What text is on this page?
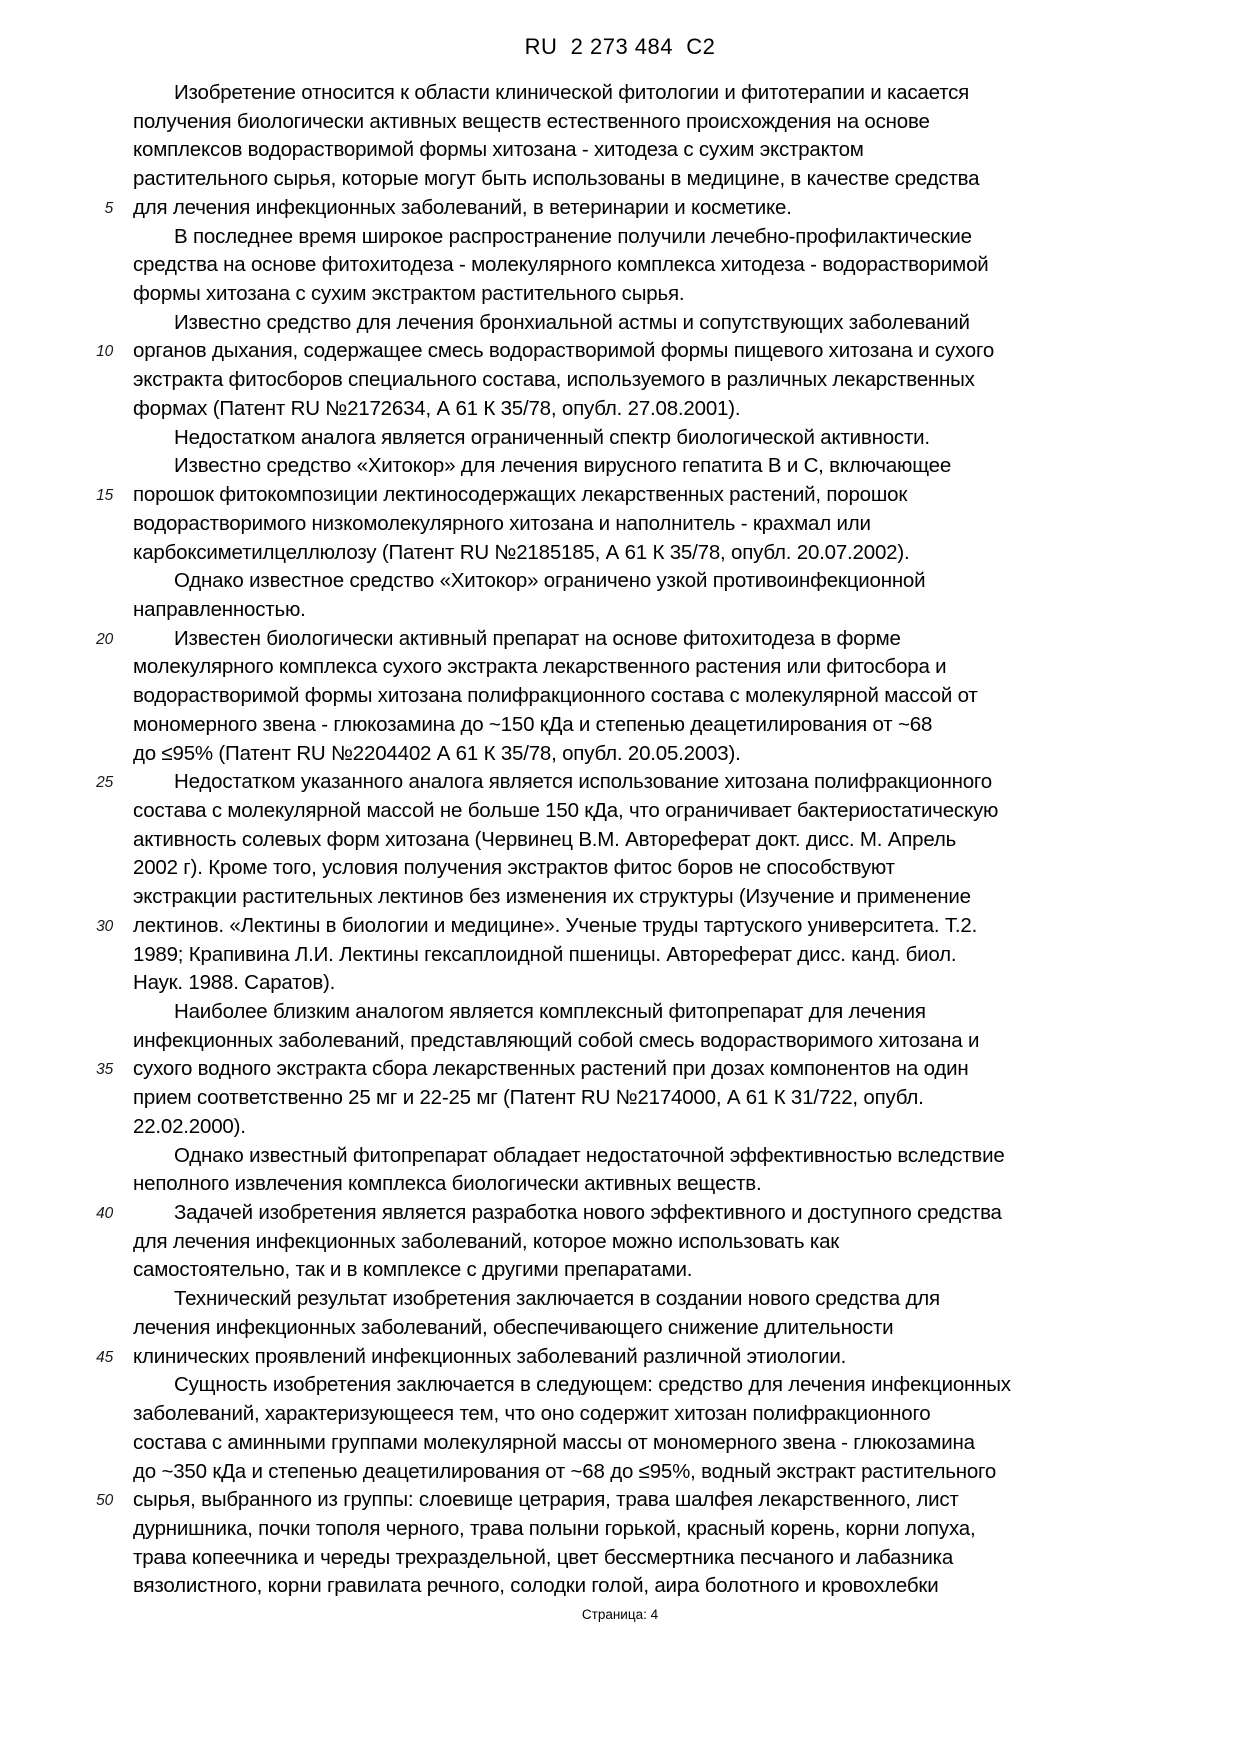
RU  2 273 484  C2
Изобретение относится к области клинической фитологии и фитотерапии и касается
получения биологически активных веществ естественного происхождения на основе
комплексов водорастворимой формы хитозана - хитодеза с сухим экстрактом
растительного сырья, которые могут быть использованы в медицине, в качестве средства
5 для лечения инфекционных заболеваний, в ветеринарии и косметике.
В последнее время широкое распространение получили лечебно-профилактические
средства на основе фитохитодеза - молекулярного комплекса хитодеза - водорастворимой
формы хитозана с сухим экстрактом растительного сырья.
Известно средство для лечения бронхиальной астмы и сопутствующих заболеваний
10 органов дыхания, содержащее смесь водорастворимой формы пищевого хитозана и сухого
экстракта фитосборов специального состава, используемого в различных лекарственных
формах (Патент RU №2172634, А 61 К 35/78, опубл. 27.08.2001).
Недостатком аналога является ограниченный спектр биологической активности.
Известно средство «Хитокор» для лечения вирусного гепатита В и С, включающее
15 порошок фитокомпозиции лектиносодержащих лекарственных растений, порошок
водорастворимого низкомолекулярного хитозана и наполнитель - крахмал или
карбоксиметилцеллюлозу (Патент RU №2185185, А 61 К 35/78, опубл. 20.07.2002).
Однако известное средство «Хитокор» ограничено узкой противоинфекционной
направленностью.
20	Известен биологически активный препарат на основе фитохитодеза в форме
молекулярного комплекса сухого экстракта лекарственного растения или фитосбора и
водорастворимой формы хитозана полифракционного состава с молекулярной массой от
мономерного звена - глюкозамина до ~150 кДа и степенью деацетилирования от ~68
до ≤95% (Патент RU №2204402 А 61 К 35/78, опубл. 20.05.2003).
25	Недостатком указанного аналога является использование хитозана полифракционного
состава с молекулярной массой не больше 150 кДа, что ограничивает бактериостатическую
активность солевых форм хитозана (Червинец В.М. Автореферат докт. дисс. М. Апрель
2002 г). Кроме того, условия получения экстрактов фитос боров не способствуют
экстракции растительных лектинов без изменения их структуры (Изучение и применение
30 лектинов. «Лектины в биологии и медицине». Ученые труды тартуского университета. Т.2.
1989; Крапивина Л.И. Лектины гексаплоидной пшеницы. Автореферат дисс. канд. биол.
Наук. 1988. Саратов).
Наиболее близким аналогом является комплексный фитопрепарат для лечения
инфекционных заболеваний, представляющий собой смесь водорастворимого хитозана и
35 сухого водного экстракта сбора лекарственных растений при дозах компонентов на один
прием соответственно 25 мг и 22-25 мг (Патент RU №2174000, А 61 К 31/722, опубл.
22.02.2000).
Однако известный фитопрепарат обладает недостаточной эффективностью вследствие
неполного извлечения комплекса биологически активных веществ.
40	Задачей изобретения является разработка нового эффективного и доступного средства
для лечения инфекционных заболеваний, которое можно использовать как
самостоятельно, так и в комплексе с другими препаратами.
Технический результат изобретения заключается в создании нового средства для
лечения инфекционных заболеваний, обеспечивающего снижение длительности
45 клинических проявлений инфекционных заболеваний различной этиологии.
Сущность изобретения заключается в следующем: средство для лечения инфекционных
заболеваний, характеризующееся тем, что оно содержит хитозан полифракционного
состава с аминными группами молекулярной массы от мономерного звена - глюкозамина
до ~350 кДа и степенью деацетилирования от ~68 до ≤95%, водный экстракт растительного
50 сырья, выбранного из группы: слоевище цетрария, трава шалфея лекарственного, лист
дурнишника, почки тополя черного, трава полыни горькой, красный корень, корни лопуха,
трава копеечника и череды трехраздельной, цвет бессмертника песчаного и лабазника
вязолистного, корни гравилата речного, солодки голой, аира болотного и кровохлебки
Страница: 4
